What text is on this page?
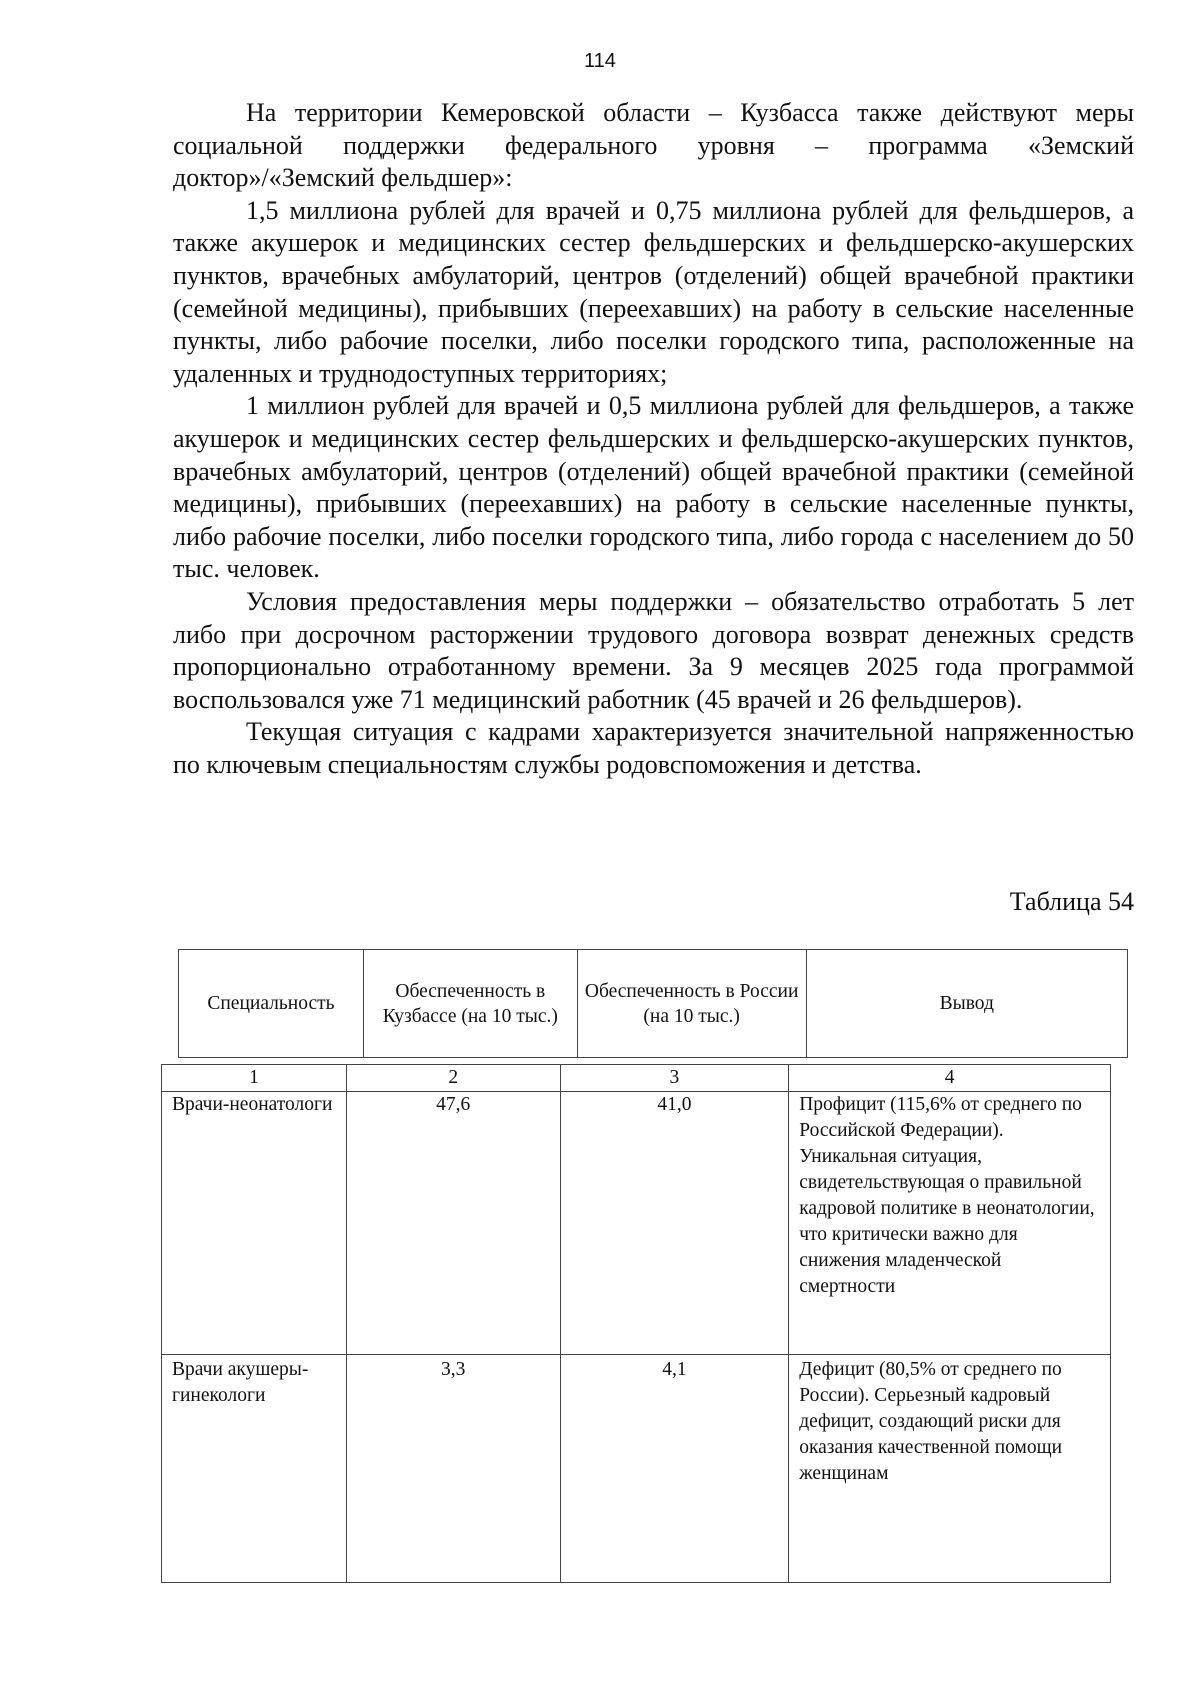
114

На территории Кемеровской области – Кузбасса также действуют меры социальной поддержки федерального уровня – программа «Земский доктор»/«Земский фельдшер»:

1,5 миллиона рублей для врачей и 0,75 миллиона рублей для фельдшеров, а также акушерок и медицинских сестер фельдшерских и фельдшерско-акушерских пунктов, врачебных амбулаторий, центров (отделений) общей врачебной практики (семейной медицины), прибывших (переехавших) на работу в сельские населенные пункты, либо рабочие поселки, либо поселки городского типа, расположенные на удаленных и труднодоступных территориях;

1 миллион рублей для врачей и 0,5 миллиона рублей для фельдшеров, а также акушерок и медицинских сестер фельдшерских и фельдшерско-акушерских пунктов, врачебных амбулаторий, центров (отделений) общей врачебной практики (семейной медицины), прибывших (переехавших) на работу в сельские населенные пункты, либо рабочие поселки, либо поселки городского типа, либо города с населением до 50 тыс. человек.

Условия предоставления меры поддержки – обязательство отработать 5 лет либо при досрочном расторжении трудового договора возврат денежных средств пропорционально отработанному времени. За 9 месяцев 2025 года программой воспользовался уже 71 медицинский работник (45 врачей и 26 фельдшеров).

Текущая ситуация с кадрами характеризуется значительной напряженностью по ключевым специальностям службы родовспоможения и детства.

Таблица 54
Специальность	Обеспеченность в Кузбассе (на 10 тыс.)	Обеспеченность в России (на 10 тыс.)	Вывод
1	2	3	4
Врачи-неонатологи	47,6	41,0	Профицит (115,6% от среднего по Российской Федерации). Уникальная ситуация, свидетельствующая о правильной кадровой политике в неонатологии, что критически важно для снижения младенческой смертности
Врачи акушеры-гинекологи	3,3	4,1	Дефицит (80,5% от среднего по России). Серьезный кадровый дефицит, создающий риски для оказания качественной помощи женщинам
